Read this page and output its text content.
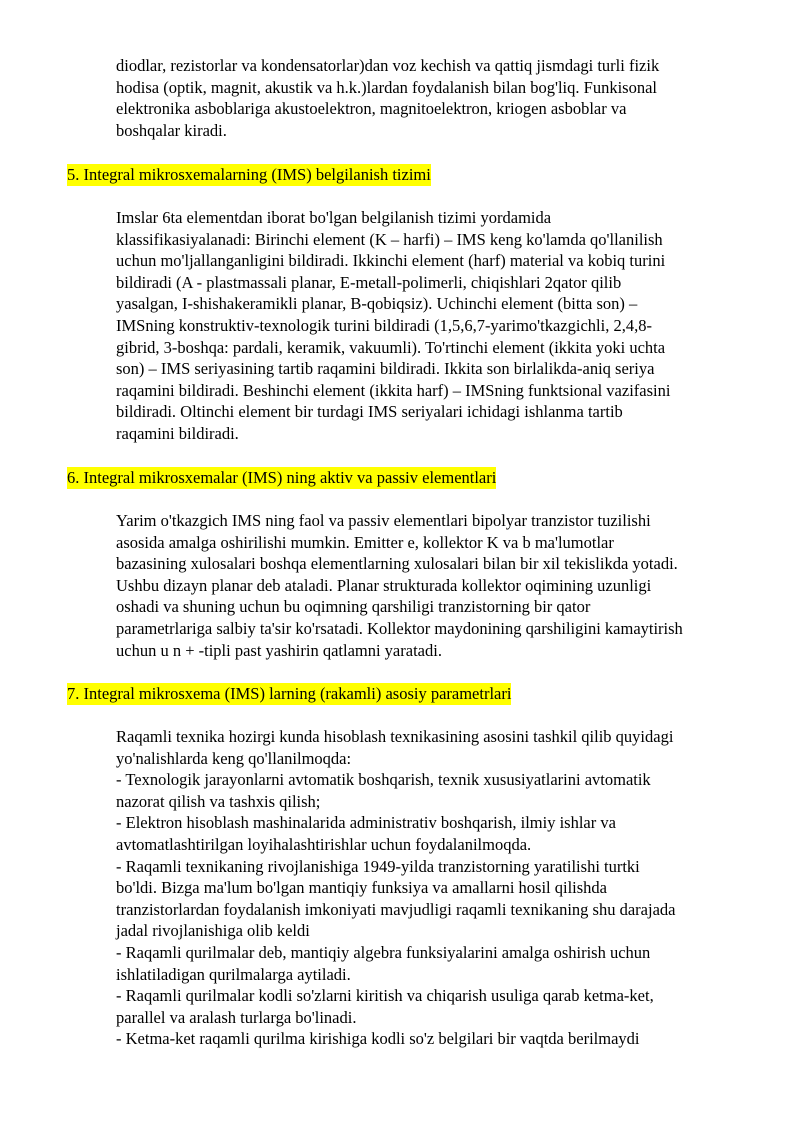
diodlar, rezistorlar va kondensatorlar)dan voz kechish va qattiq jismdagi turli fizik
hodisa (optik, magnit, akustik va h.k.)lardan foydalanish bilan bog'liq. Funkisonal
elektronika asboblariga akustoelektron, magnitoelektron, kriogen asboblar va
boshqalar kiradi.
5. Integral mikrosxemalarning (IMS) belgilanish tizimi
Imslar 6ta elementdan iborat bo'lgan belgilanish tizimi yordamida
klassifikasiyalanadi: Birinchi element (K – harfi) – IMS keng ko'lamda qo'llanilish
uchun mo'ljallanganligini bildiradi. Ikkinchi element (harf) material va kobiq turini
bildiradi (A - plastmassali planar, E-metall-polimerli, chiqishlari 2qator qilib
yasalgan, I-shishakeramikli planar, B-qobiqsiz). Uchinchi element (bitta son) –
IMSning konstruktiv-texnologik turini bildiradi (1,5,6,7-yarimo'tkazgichli, 2,4,8-
gibrid, 3-boshqa: pardali, keramik, vakuumli). To'rtinchi element (ikkita yoki uchta
son) – IMS seriyasining tartib raqamini bildiradi. Ikkita son birlalikda-aniq seriya
raqamini bildiradi. Beshinchi element (ikkita harf) – IMSning funktsional vazifasini
bildiradi. Oltinchi element bir turdagi IMS seriyalari ichidagi ishlanma tartib
raqamini bildiradi.
6. Integral mikrosxemalar (IMS) ning aktiv va passiv elementlari
Yarim o'tkazgich IMS ning faol va passiv elementlari bipolyar tranzistor tuzilishi
asosida amalga oshirilishi mumkin. Emitter e, kollektor K va b ma'lumotlar
bazasining xulosalari boshqa elementlarning xulosalari bilan bir xil tekislikda yotadi.
Ushbu dizayn planar deb ataladi. Planar strukturada kollektor oqimining uzunligi
oshadi va shuning uchun bu oqimning qarshiligi tranzistorning bir qator
parametrlariga salbiy ta'sir ko'rsatadi. Kollektor maydonining qarshiligini kamaytirish
uchun u n + -tipli past yashirin qatlamni yaratadi.
7. Integral mikrosxema (IMS) larning (rakamli) asosiy parametrlari
Raqamli texnika hozirgi kunda hisoblash texnikasining asosini tashkil qilib quyidagi
yo'nalishlarda keng qo'llanilmoqda:
- Texnologik jarayonlarni avtomatik boshqarish, texnik xususiyatlarini avtomatik
nazorat qilish va tashxis qilish;
- Elektron hisoblash mashinalarida administrativ boshqarish, ilmiy ishlar va
avtomatlashtirilgan loyihalashtirishlar uchun foydalanilmoqda.
- Raqamli texnikaning rivojlanishiga 1949-yilda tranzistorning yaratilishi turtki
bo'ldi. Bizga ma'lum bo'lgan mantiqiy funksiya va amallarni hosil qilishda
tranzistorlardan foydalanish imkoniyati mavjudligi raqamli texnikaning shu darajada
jadal rivojlanishiga olib keldi
- Raqamli qurilmalar deb, mantiqiy algebra funksiyalarini amalga oshirish uchun
ishlatiladigan qurilmalarga aytiladi.
- Raqamli qurilmalar kodli so'zlarni kiritish va chiqarish usuliga qarab ketma-ket,
parallel va aralash turlarga bo'linadi.
- Ketma-ket raqamli qurilma kirishiga kodli so'z belgilari bir vaqtda berilmaydi
